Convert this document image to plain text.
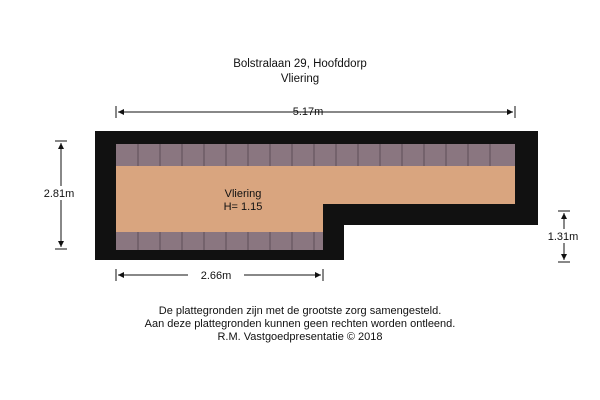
Bolstralaan 29, Hoofddorp
Vliering
Vliering
H= 1.15
5.17m
2.81m
1.31m
2.66m
De plattegronden zijn met de grootste zorg samengesteld.
Aan deze plattegronden kunnen geen rechten worden ontleend.
R.M. Vastgoedpresentatie © 2018
